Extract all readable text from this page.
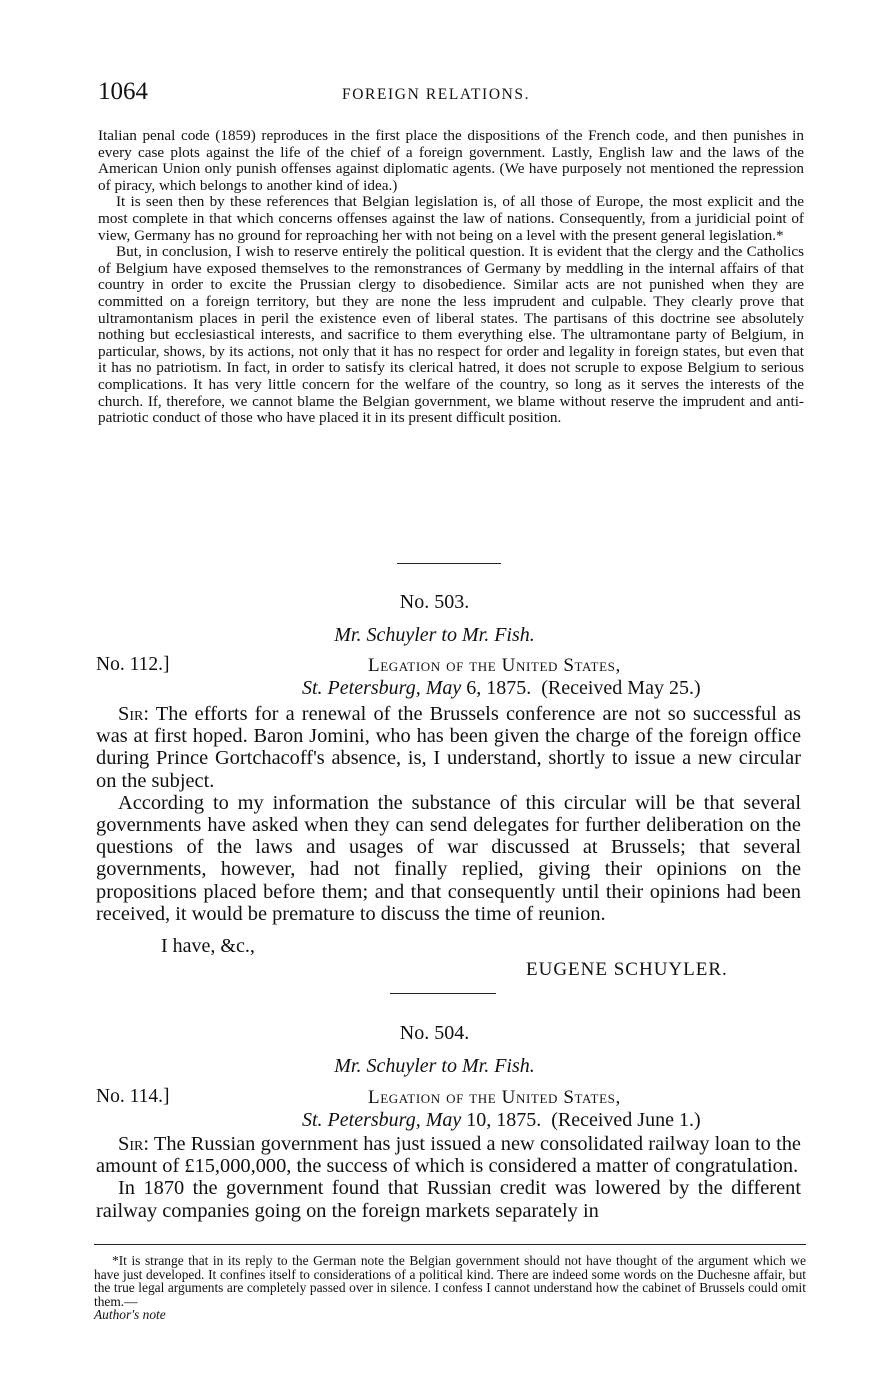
1064	FOREIGN RELATIONS.

Italian penal code (1859) reproduces in the first place the dispositions of the French code, and then punishes in every case plots against the life of the chief of a foreign government. Lastly, English law and the laws of the American Union only punish offenses against diplomatic agents. (We have purposely not mentioned the repression of piracy, which belongs to another kind of idea.)

It is seen then by these references that Belgian legislation is, of all those of Europe, the most explicit and the most complete in that which concerns offenses against the law of nations. Consequently, from a juridicial point of view, Germany has no ground for reproaching her with not being on a level with the present general legislation.*

But, in conclusion, I wish to reserve entirely the political question. It is evident that the clergy and the Catholics of Belgium have exposed themselves to the remonstrances of Germany by meddling in the internal affairs of that country in order to excite the Prussian clergy to disobedience. Similar acts are not punished when they are committed on a foreign territory, but they are none the less imprudent and culpable. They clearly prove that ultramontanism places in peril the existence even of liberal states. The partisans of this doctrine see absolutely nothing but ecclesiastical interests, and sacrifice to them everything else. The ultramontane party of Belgium, in particular, shows, by its actions, not only that it has no respect for order and legality in foreign states, but even that it has no patriotism. In fact, in order to satisfy its clerical hatred, it does not scruple to expose Belgium to serious complications. It has very little concern for the welfare of the country, so long as it serves the interests of the church. If, therefore, we cannot blame the Belgian government, we blame without reserve the imprudent and anti-patriotic conduct of those who have placed it in its present difficult position.

No. 503.
Mr. Schuyler to Mr. Fish.
No. 112.]	Legation of the United States,
St. Petersburg, May 6, 1875. (Received May 25.)

Sir: The efforts for a renewal of the Brussels conference are not so successful as was at first hoped. Baron Jomini, who has been given the charge of the foreign office during Prince Gortchacoff's absence, is, I understand, shortly to issue a new circular on the subject.

According to my information the substance of this circular will be that several governments have asked when they can send delegates for further deliberation on the questions of the laws and usages of war discussed at Brussels; that several governments, however, had not finally replied, giving their opinions on the propositions placed before them; and that consequently until their opinions had been received, it would be premature to discuss the time of reunion.

I have, &c.,
EUGENE SCHUYLER.
No. 504.
Mr. Schuyler to Mr. Fish.
No. 114.]	Legation of the United States,
St. Petersburg, May 10, 1875. (Received June 1.)

Sir: The Russian government has just issued a new consolidated railway loan to the amount of £15,000,000, the success of which is considered a matter of congratulation.

In 1870 the government found that Russian credit was lowered by the different railway companies going on the foreign markets separately in

*It is strange that in its reply to the German note the Belgian government should not have thought of the argument which we have just developed. It confines itself to considerations of a political kind. There are indeed some words on the Duchesne affair, but the true legal arguments are completely passed over in silence. I confess I cannot understand how the cabinet of Brussels could omit them.—
Author's note
